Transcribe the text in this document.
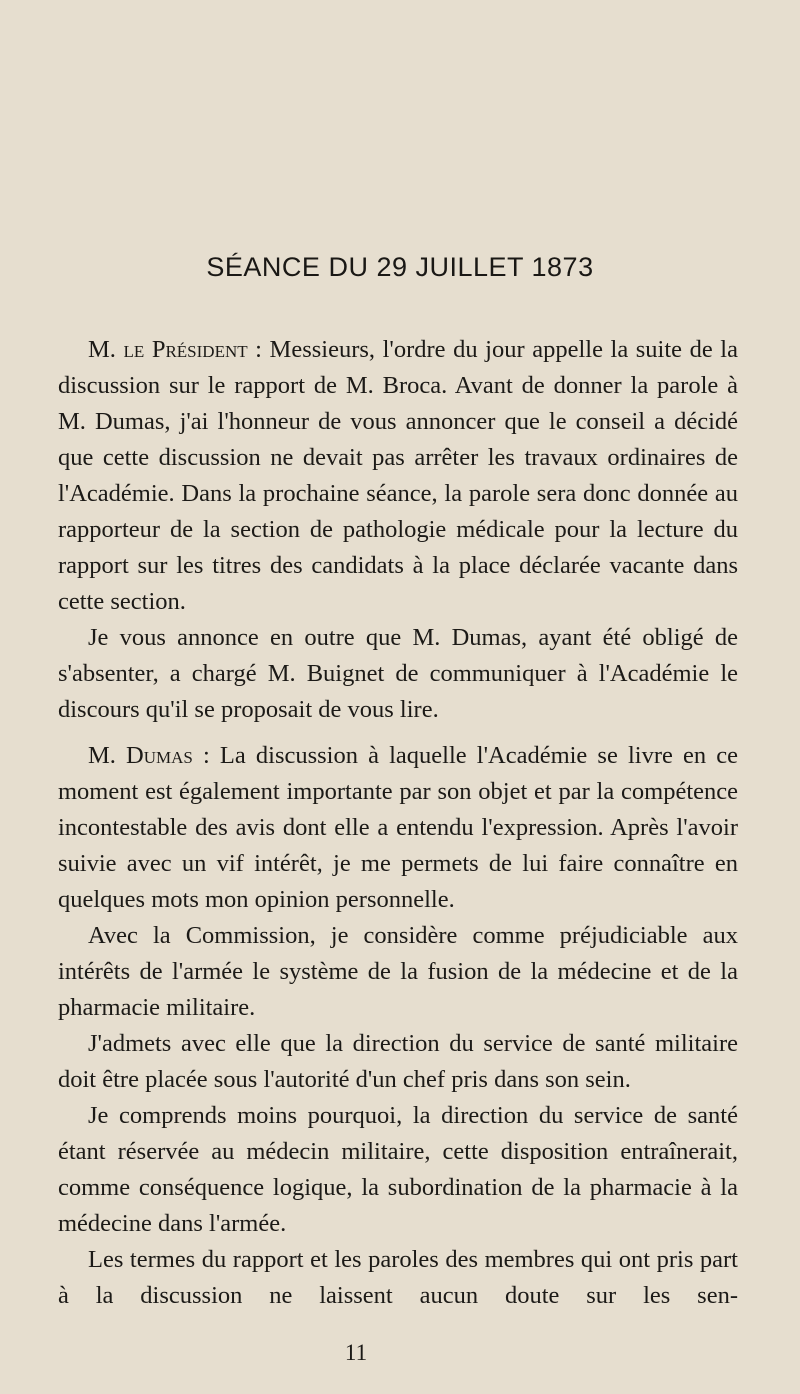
SÉANCE DU 29 JUILLET 1873

M. le Président : Messieurs, l'ordre du jour appelle la suite de la discussion sur le rapport de M. Broca. Avant de donner la parole à M. Dumas, j'ai l'honneur de vous annoncer que le conseil a décidé que cette discussion ne devait pas arrêter les travaux ordinaires de l'Académie. Dans la prochaine séance, la parole sera donc donnée au rapporteur de la section de pathologie médicale pour la lecture du rapport sur les titres des candidats à la place déclarée vacante dans cette section.

Je vous annonce en outre que M. Dumas, ayant été obligé de s'absenter, a chargé M. Buignet de communiquer à l'Académie le discours qu'il se proposait de vous lire.

M. Dumas : La discussion à laquelle l'Académie se livre en ce moment est également importante par son objet et par la compétence incontestable des avis dont elle a entendu l'expression. Après l'avoir suivie avec un vif intérêt, je me permets de lui faire connaître en quelques mots mon opinion personnelle.

Avec la Commission, je considère comme préjudiciable aux intérêts de l'armée le système de la fusion de la médecine et de la pharmacie militaire.

J'admets avec elle que la direction du service de santé militaire doit être placée sous l'autorité d'un chef pris dans son sein.

Je comprends moins pourquoi, la direction du service de santé étant réservée au médecin militaire, cette disposition entraînerait, comme conséquence logique, la subordination de la pharmacie à la médecine dans l'armée.

Les termes du rapport et les paroles des membres qui ont pris part à la discussion ne laissent aucun doute sur les sen-

11
